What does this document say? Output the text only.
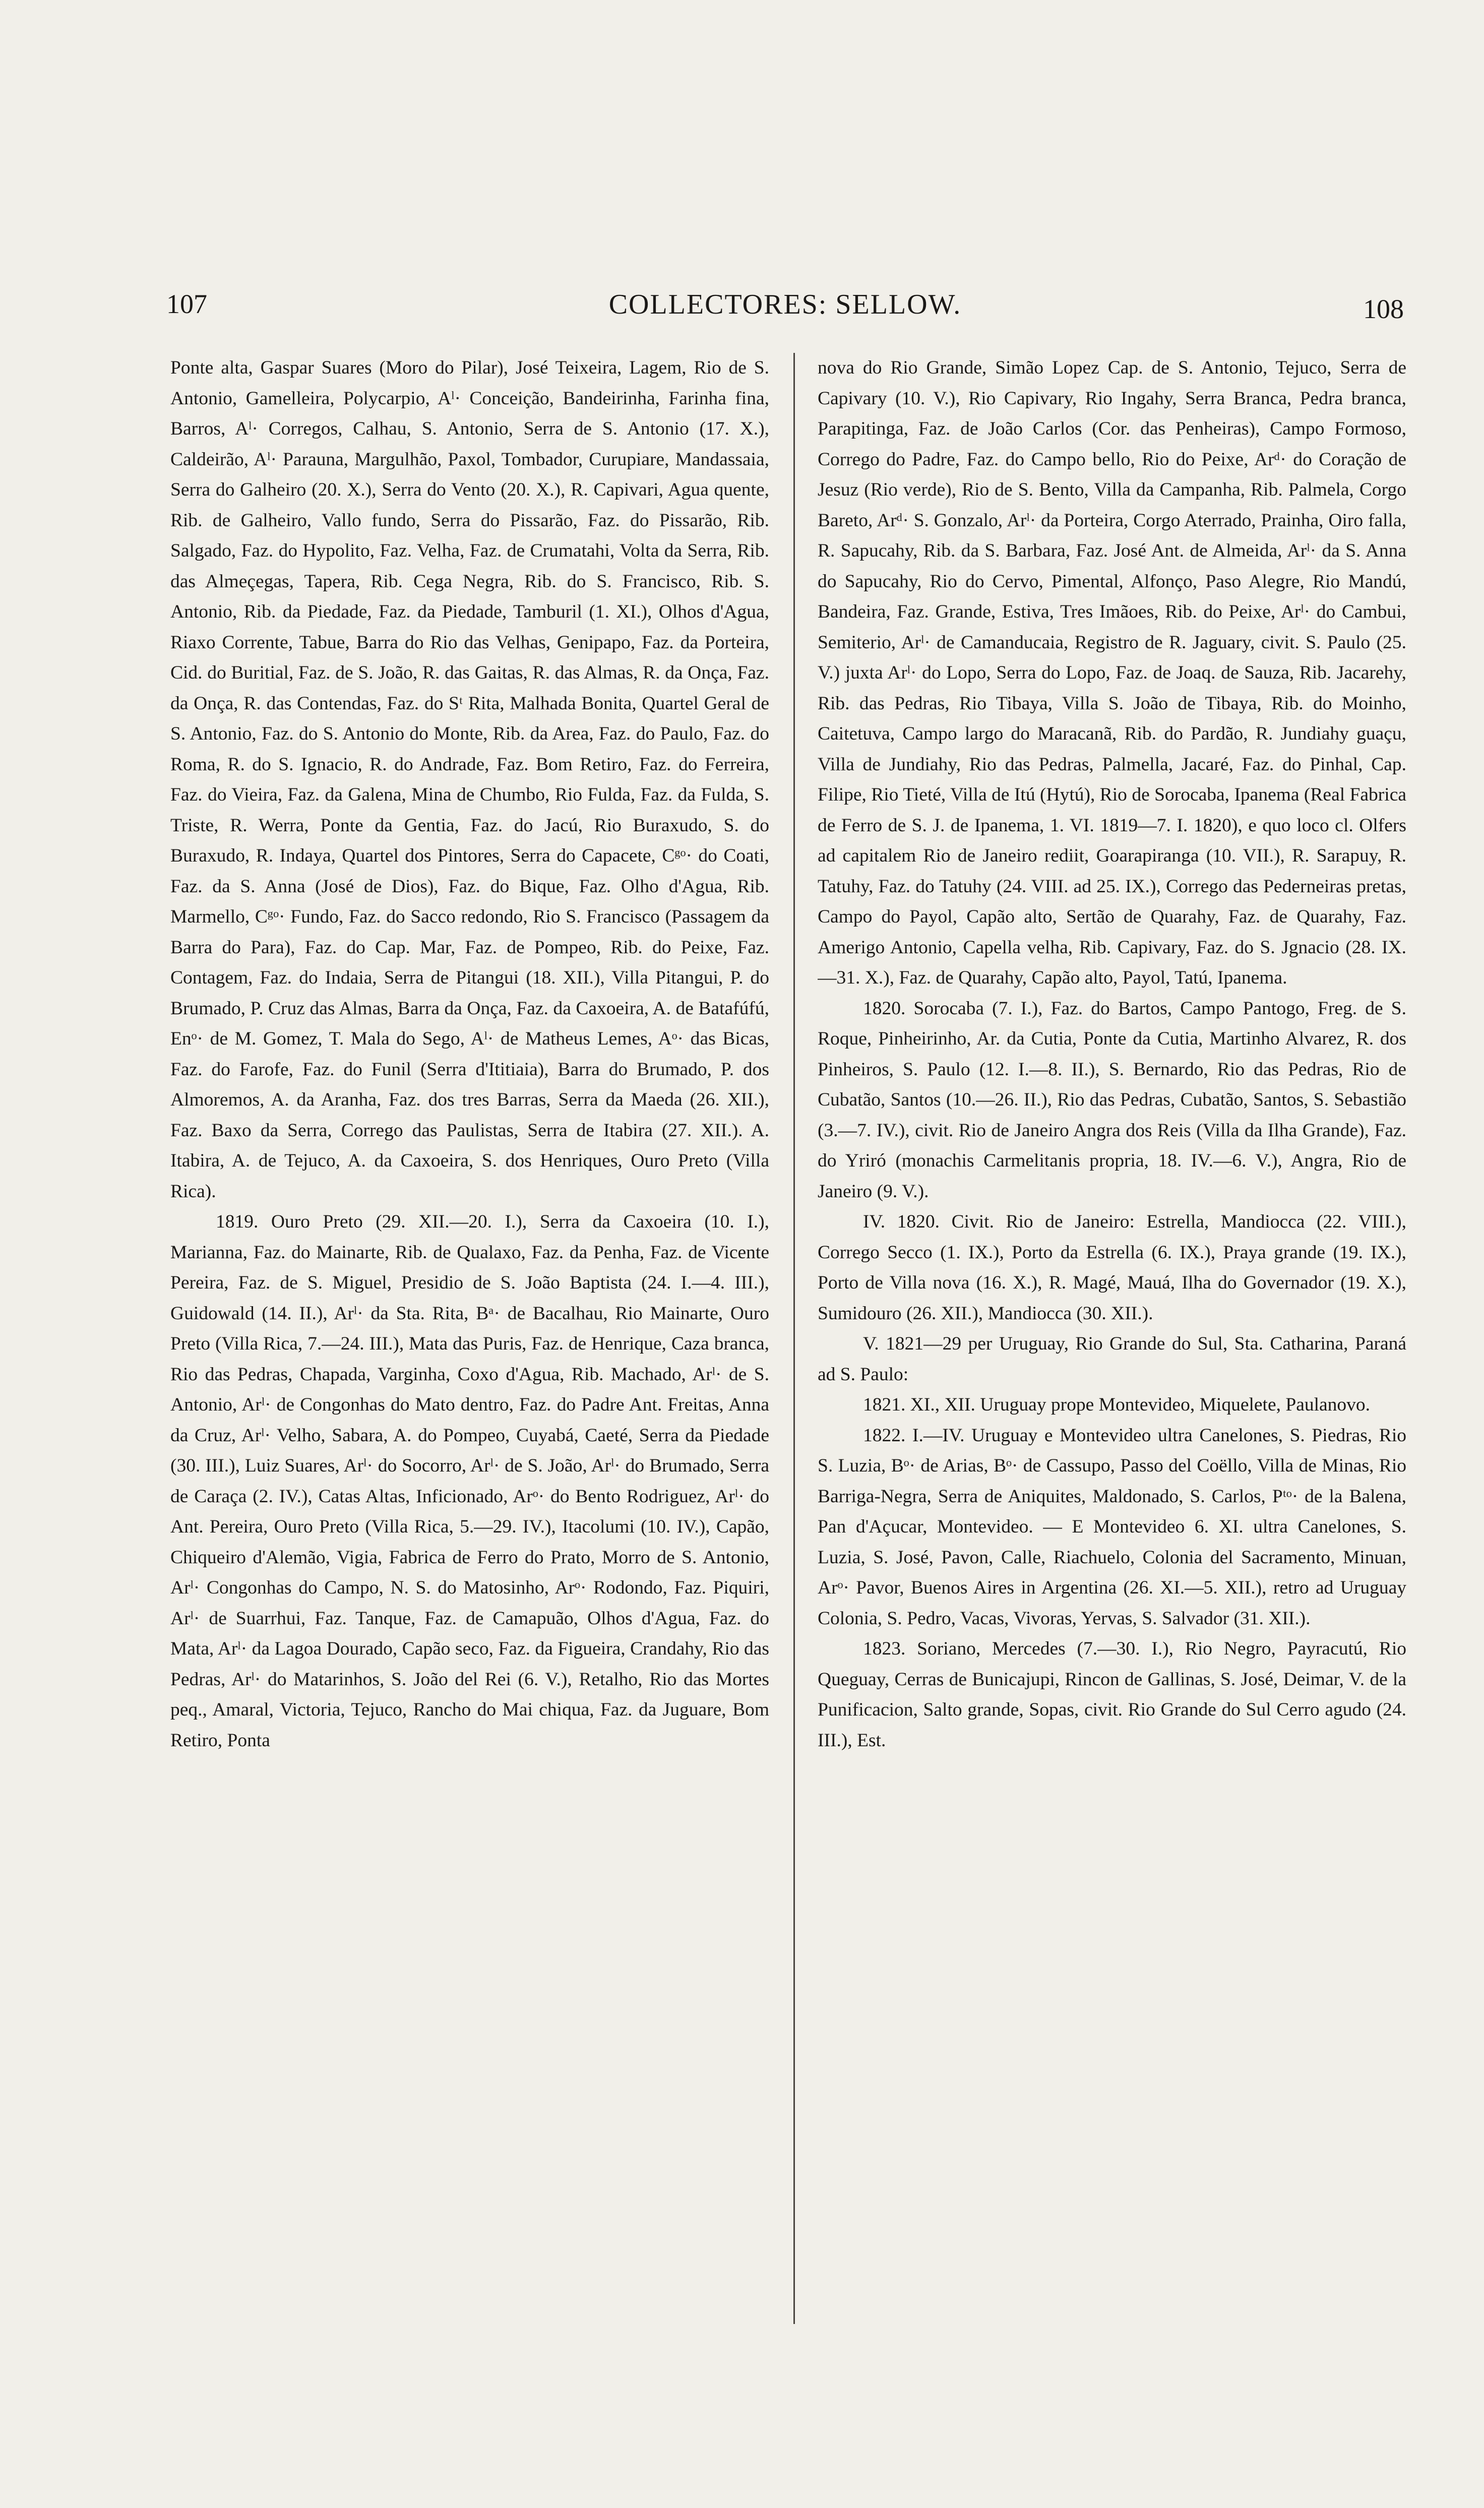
107	COLLECTORES: SELLOW.	108

Ponte alta, Gaspar Suares (Moro do Pilar), José Teixeira, Lagem, Rio de S. Antonio, Gamelleira, Polycarpio, Aˡ· Conceição, Bandeirinha, Farinha fina, Barros, Aˡ· Corregos, Calhau, S. Antonio, Serra de S. Antonio (17. X.), Caldeirão, Aˡ· Parauna, Margulhão, Paxol, Tombador, Curupiare, Mandassaia, Serra do Galheiro (20. X.), Serra do Vento (20. X.), R. Capivari, Agua quente, Rib. de Galheiro, Vallo fundo, Serra do Pissarão, Faz. do Pissarão, Rib. Salgado, Faz. do Hypolito, Faz. Velha, Faz. de Crumatahi, Volta da Serra, Rib. das Almeçegas, Tapera, Rib. Cega Negra, Rib. do S. Francisco, Rib. S. Antonio, Rib. da Piedade, Faz. da Piedade, Tamburil (1. XI.), Olhos d'Agua, Riaxo Corrente, Tabue, Barra do Rio das Velhas, Genipapo, Faz. da Porteira, Cid. do Buritial, Faz. de S. João, R. das Gaitas, R. das Almas, R. da Onça, Faz. da Onça, R. das Contendas, Faz. do Sᵗ Rita, Malhada Bonita, Quartel Geral de S. Antonio, Faz. do S. Antonio do Monte, Rib. da Area, Faz. do Paulo, Faz. do Roma, R. do S. Ignacio, R. do Andrade, Faz. Bom Retiro, Faz. do Ferreira, Faz. do Vieira, Faz. da Galena, Mina de Chumbo, Rio Fulda, Faz. da Fulda, S. Triste, R. Werra, Ponte da Gentia, Faz. do Jacú, Rio Buraxudo, S. do Buraxudo, R. Indaya, Quartel dos Pintores, Serra do Capacete, Cᵍᵒ· do Coati, Faz. da S. Anna (José de Dios), Faz. do Bique, Faz. Olho d'Agua, Rib. Marmello, Cᵍᵒ· Fundo, Faz. do Sacco redondo, Rio S. Francisco (Passagem da Barra do Para), Faz. do Cap. Mar, Faz. de Pompeo, Rib. do Peixe, Faz. Contagem, Faz. do Indaia, Serra de Pitangui (18. XII.), Villa Pitangui, P. do Brumado, P. Cruz das Almas, Barra da Onça, Faz. da Caxoeira, A. de Batafúfú, Enᵒ· de M. Gomez, T. Mala do Sego, Aˡ· de Matheus Lemes, Aᵒ· das Bicas, Faz. do Farofe, Faz. do Funil (Serra d'Ititiaia), Barra do Brumado, P. dos Almoremos, A. da Aranha, Faz. dos tres Barras, Serra da Maeda (26. XII.), Faz. Baxo da Serra, Corrego das Paulistas, Serra de Itabira (27. XII.). A. Itabira, A. de Tejuco, A. da Caxoeira, S. dos Henriques, Ouro Preto (Villa Rica).

1819. Ouro Preto (29. XII.—20. I.), Serra da Caxoeira (10. I.), Marianna, Faz. do Mainarte, Rib. de Qualaxo, Faz. da Penha, Faz. de Vicente Pereira, Faz. de S. Miguel, Presidio de S. João Baptista (24. I.—4. III.), Guidowald (14. II.), Arˡ· da Sta. Rita, Bᵃ· de Bacalhau, Rio Mainarte, Ouro Preto (Villa Rica, 7.—24. III.), Mata das Puris, Faz. de Henrique, Caza branca, Rio das Pedras, Chapada, Varginha, Coxo d'Agua, Rib. Machado, Arˡ· de S. Antonio, Arˡ· de Congonhas do Mato dentro, Faz. do Padre Ant. Freitas, Anna da Cruz, Arˡ· Velho, Sabara, A. do Pompeo, Cuyabá, Caeté, Serra da Piedade (30. III.), Luiz Suares, Arˡ· do Socorro, Arˡ· de S. João, Arˡ· do Brumado, Serra de Caraça (2. IV.), Catas Altas, Inficionado, Arᵒ· do Bento Rodriguez, Arˡ· do Ant. Pereira, Ouro Preto (Villa Rica, 5.—29. IV.), Itacolumi (10. IV.), Capão, Chiqueiro d'Alemão, Vigia, Fabrica de Ferro do Prato, Morro de S. Antonio, Arˡ· Congonhas do Campo, N. S. do Matosinho, Arᵒ· Rodondo, Faz. Piquiri, Arˡ· de Suarrhui, Faz. Tanque, Faz. de Camapuão, Olhos d'Agua, Faz. do Mata, Arˡ· da Lagoa Dourado, Capão seco, Faz. da Figueira, Crandahy, Rio das Pedras, Arˡ· do Matarinhos, S. João del Rei (6. V.), Retalho, Rio das Mortes peq., Amaral, Victoria, Tejuco, Rancho do Mai chiqua, Faz. da Juguare, Bom Retiro, Ponta

nova do Rio Grande, Simão Lopez Cap. de S. Antonio, Tejuco, Serra de Capivary (10. V.), Rio Capivary, Rio Ingahy, Serra Branca, Pedra branca, Parapitinga, Faz. de João Carlos (Cor. das Penheiras), Campo Formoso, Corrego do Padre, Faz. do Campo bello, Rio do Peixe, Arᵈ· do Coração de Jesuz (Rio verde), Rio de S. Bento, Villa da Campanha, Rib. Palmela, Corgo Bareto, Arᵈ· S. Gonzalo, Arˡ· da Porteira, Corgo Aterrado, Prainha, Oiro falla, R. Sapucahy, Rib. da S. Barbara, Faz. José Ant. de Almeida, Arˡ· da S. Anna do Sapucahy, Rio do Cervo, Pimental, Alfonço, Paso Alegre, Rio Mandú, Bandeira, Faz. Grande, Estiva, Tres Imãoes, Rib. do Peixe, Arˡ· do Cambui, Semiterio, Arˡ· de Camanducaia, Registro de R. Jaguary, civit. S. Paulo (25. V.) juxta Arˡ· do Lopo, Serra do Lopo, Faz. de Joaq. de Sauza, Rib. Jacarehy, Rib. das Pedras, Rio Tibaya, Villa S. João de Tibaya, Rib. do Moinho, Caitetuva, Campo largo do Maracanã, Rib. do Pardão, R. Jundiahy guaçu, Villa de Jundiahy, Rio das Pedras, Palmella, Jacaré, Faz. do Pinhal, Cap. Filipe, Rio Tieté, Villa de Itú (Hytú), Rio de Sorocaba, Ipanema (Real Fabrica de Ferro de S. J. de Ipanema, 1. VI. 1819—7. I. 1820), e quo loco cl. Olfers ad capitalem Rio de Janeiro rediit, Goarapiranga (10. VII.), R. Sarapuy, R. Tatuhy, Faz. do Tatuhy (24. VIII. ad 25. IX.), Corrego das Pederneiras pretas, Campo do Payol, Capão alto, Sertão de Quarahy, Faz. de Quarahy, Faz. Amerigo Antonio, Capella velha, Rib. Capivary, Faz. do S. Jgnacio (28. IX.—31. X.), Faz. de Quarahy, Capão alto, Payol, Tatú, Ipanema.

1820. Sorocaba (7. I.), Faz. do Bartos, Campo Pantogo, Freg. de S. Roque, Pinheirinho, Ar. da Cutia, Ponte da Cutia, Martinho Alvarez, R. dos Pinheiros, S. Paulo (12. I.—8. II.), S. Bernardo, Rio das Pedras, Rio de Cubatão, Santos (10.—26. II.), Rio das Pedras, Cubatão, Santos, S. Sebastião (3.—7. IV.), civit. Rio de Janeiro Angra dos Reis (Villa da Ilha Grande), Faz. do Yriró (monachis Carmelitanis propria, 18. IV.—6. V.), Angra, Rio de Janeiro (9. V.).

IV. 1820. Civit. Rio de Janeiro: Estrella, Mandiocca (22. VIII.), Corrego Secco (1. IX.), Porto da Estrella (6. IX.), Praya grande (19. IX.), Porto de Villa nova (16. X.), R. Magé, Mauá, Ilha do Governador (19. X.), Sumidouro (26. XII.), Mandiocca (30. XII.).

V. 1821—29 per Uruguay, Rio Grande do Sul, Sta. Catharina, Paraná ad S. Paulo:

1821. XI., XII. Uruguay prope Montevideo, Miquelete, Paulanovo.

1822. I.—IV. Uruguay e Montevideo ultra Canelones, S. Piedras, Rio S. Luzia, Bᵒ· de Arias, Bᵒ· de Cassupo, Passo del Coëllo, Villa de Minas, Rio Barriga-Negra, Serra de Aniquites, Maldonado, S. Carlos, Pᵗᵒ· de la Balena, Pan d'Açucar, Montevideo. — E Montevideo 6. XI. ultra Canelones, S. Luzia, S. José, Pavon, Calle, Riachuelo, Colonia del Sacramento, Minuan, Arᵒ· Pavor, Buenos Aires in Argentina (26. XI.—5. XII.), retro ad Uruguay Colonia, S. Pedro, Vacas, Vivoras, Yervas, S. Salvador (31. XII.).

1823. Soriano, Mercedes (7.—30. I.), Rio Negro, Payracutú, Rio Queguay, Cerras de Bunicajupi, Rincon de Gallinas, S. José, Deimar, V. de la Punificacion, Salto grande, Sopas, civit. Rio Grande do Sul Cerro agudo (24. III.), Est.
